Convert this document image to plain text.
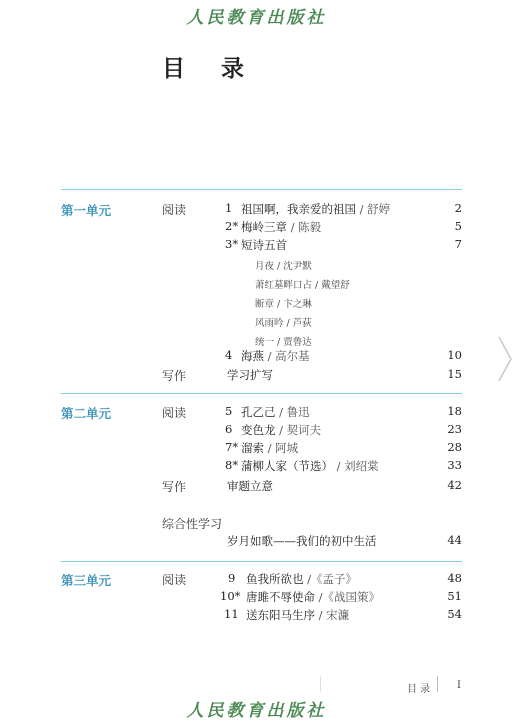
人民教育出版社
目 录
第一单元	阅读	1 祖国啊，我亲爱的祖国 / 舒婷	2
2* 梅岭三章 / 陈毅	5
3* 短诗五首	7
月夜 / 沈尹默
萧红墓畔口占 / 戴望舒
断章 / 卞之琳
风雨吟 / 芦荻
统一 / 贾鲁达
4 海燕 / 高尔基	10
写作	学习扩写	15
第二单元	阅读	5 孔乙己 / 鲁迅	18
6 变色龙 / 契诃夫	23
7* 溜索 / 阿城	28
8* 蒲柳人家（节选） / 刘绍棠	33
写作	审题立意	42
综合性学习
岁月如歌——我们的初中生活	44
第三单元	阅读	9 鱼我所欲也 /《孟子》	48
10* 唐雎不辱使命 /《战国策》	51
11 送东阳马生序 / 宋濂	54
目 录	I
人民教育出版社
